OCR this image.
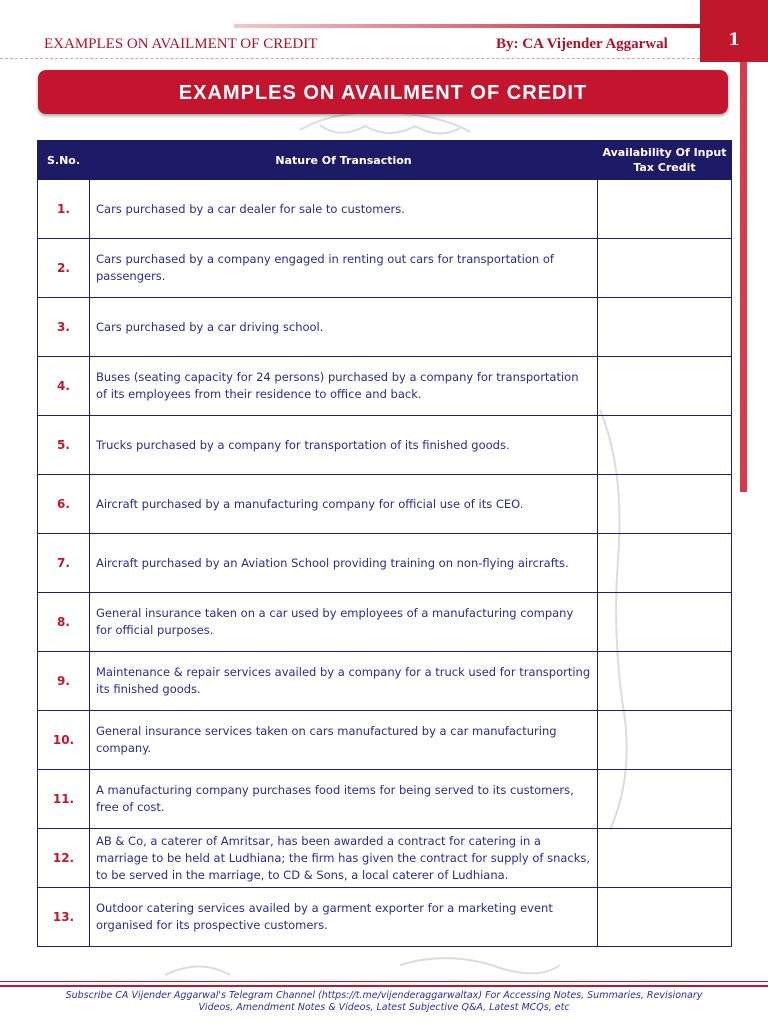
1
EXAMPLES ON AVAILMENT OF CREDIT	By: CA Vijender Aggarwal
EXAMPLES ON AVAILMENT OF CREDIT
S.No.	Nature Of Transaction	Availability Of Input Tax Credit
1.	Cars purchased by a car dealer for sale to customers.	
2.	Cars purchased by a company engaged in renting out cars for transportation of passengers.	
3.	Cars purchased by a car driving school.	
4.	Buses (seating capacity for 24 persons) purchased by a company for transportation of its employees from their residence to office and back.	
5.	Trucks purchased by a company for transportation of its finished goods.	
6.	Aircraft purchased by a manufacturing company for official use of its CEO.	
7.	Aircraft purchased by an Aviation School providing training on non-flying aircrafts.	
8.	General insurance taken on a car used by employees of a manufacturing company for official purposes.	
9.	Maintenance & repair services availed by a company for a truck used for transporting its finished goods.	
10.	General insurance services taken on cars manufactured by a car manufacturing company.	
11.	A manufacturing company purchases food items for being served to its customers, free of cost.	
12.	AB & Co, a caterer of Amritsar, has been awarded a contract for catering in a marriage to be held at Ludhiana; the firm has given the contract for supply of snacks, to be served in the marriage, to CD & Sons, a local caterer of Ludhiana.	
13.	Outdoor catering services availed by a garment exporter for a marketing event organised for its prospective customers.	
Subscribe CA Vijender Aggarwal's Telegram Channel (https://t.me/vijenderaggarwaltax) For Accessing Notes, Summaries, Revisionary Videos, Amendment Notes & Videos, Latest Subjective Q&A, Latest MCQs, etc
